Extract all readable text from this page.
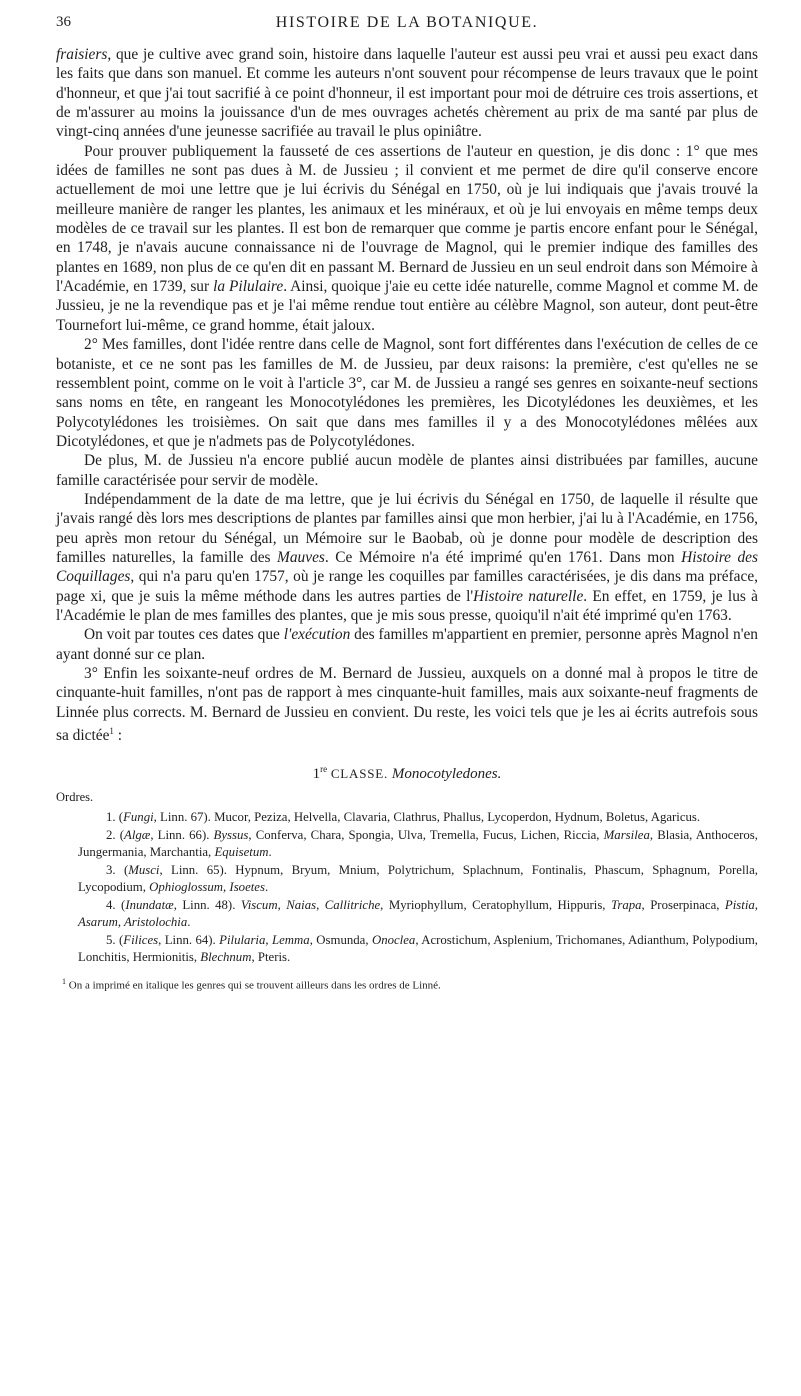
36	HISTOIRE DE LA BOTANIQUE.

fraisiers, que je cultive avec grand soin, histoire dans laquelle l'auteur est aussi peu vrai et aussi peu exact dans les faits que dans son manuel. Et comme les auteurs n'ont souvent pour récompense de leurs travaux que le point d'honneur, et que j'ai tout sacrifié à ce point d'honneur, il est important pour moi de détruire ces trois assertions, et de m'assurer au moins la jouissance d'un de mes ouvrages achetés chèrement au prix de ma santé par plus de vingt-cinq années d'une jeunesse sacrifiée au travail le plus opiniâtre.

Pour prouver publiquement la fausseté de ces assertions de l'auteur en question, je dis donc : 1° que mes idées de familles ne sont pas dues à M. de Jussieu ; il convient et me permet de dire qu'il conserve encore actuellement de moi une lettre que je lui écrivis du Sénégal en 1750, où je lui indiquais que j'avais trouvé la meilleure manière de ranger les plantes, les animaux et les minéraux, et où je lui envoyais en même temps deux modèles de ce travail sur les plantes. Il est bon de remarquer que comme je partis encore enfant pour le Sénégal, en 1748, je n'avais aucune connaissance ni de l'ouvrage de Magnol, qui le premier indique des familles des plantes en 1689, non plus de ce qu'en dit en passant M. Bernard de Jussieu en un seul endroit dans son Mémoire à l'Académie, en 1739, sur la Pilulaire. Ainsi, quoique j'aie eu cette idée naturelle, comme Magnol et comme M. de Jussieu, je ne la revendique pas et je l'ai même rendue tout entière au célèbre Magnol, son auteur, dont peut-être Tournefort lui-même, ce grand homme, était jaloux.

2° Mes familles, dont l'idée rentre dans celle de Magnol, sont fort différentes dans l'exécution de celles de ce botaniste, et ce ne sont pas les familles de M. de Jussieu, par deux raisons: la première, c'est qu'elles ne se ressemblent point, comme on le voit à l'article 3°, car M. de Jussieu a rangé ses genres en soixante-neuf sections sans noms en tête, en rangeant les Monocotylédones les premières, les Dicotylédones les deuxièmes, et les Polycotylédones les troisièmes. On sait que dans mes familles il y a des Monocotylédones mêlées aux Dicotylédones, et que je n'admets pas de Polycotylédones.

De plus, M. de Jussieu n'a encore publié aucun modèle de plantes ainsi distribuées par familles, aucune famille caractérisée pour servir de modèle.

Indépendamment de la date de ma lettre, que je lui écrivis du Sénégal en 1750, de laquelle il résulte que j'avais rangé dès lors mes descriptions de plantes par familles ainsi que mon herbier, j'ai lu à l'Académie, en 1756, peu après mon retour du Sénégal, un Mémoire sur le Baobab, où je donne pour modèle de description des familles naturelles, la famille des Mauves. Ce Mémoire n'a été imprimé qu'en 1761. Dans mon Histoire des Coquillages, qui n'a paru qu'en 1757, où je range les coquilles par familles caractérisées, je dis dans ma préface, page xi, que je suis la même méthode dans les autres parties de l'Histoire naturelle. En effet, en 1759, je lus à l'Académie le plan de mes familles des plantes, que je mis sous presse, quoiqu'il n'ait été imprimé qu'en 1763.

On voit par toutes ces dates que l'exécution des familles m'appartient en premier, personne après Magnol n'en ayant donné sur ce plan.

3° Enfin les soixante-neuf ordres de M. Bernard de Jussieu, auxquels on a donné mal à propos le titre de cinquante-huit familles, n'ont pas de rapport à mes cinquante-huit familles, mais aux soixante-neuf fragments de Linnée plus corrects. M. Bernard de Jussieu en convient. Du reste, les voici tels que je les ai écrits autrefois sous sa dictée$^1$ :

1re CLASSE. Monocotyledones.
Ordres.

1. (Fungi, Linn. 67). Mucor, Peziza, Helvella, Clavaria, Clathrus, Phallus, Lycoperdon, Hydnum, Boletus, Agaricus.

2. (Algæ, Linn. 66). Byssus, Conferva, Chara, Spongia, Ulva, Tremella, Fucus, Lichen, Riccia, Marsilea, Blasia, Anthoceros, Jungermania, Marchantia, Equisetum.

3. (Musci, Linn. 65). Hypnum, Bryum, Mnium, Polytrichum, Splachnum, Fontinalis, Phascum, Sphagnum, Porella, Lycopodium, Ophioglossum, Isoetes.

4. (Inundatæ, Linn. 48). Viscum, Naias, Callitriche, Myriophyllum, Ceratophyllum, Hippuris, Trapa, Proserpinaca, Pistia, Asarum, Aristolochia.

5. (Filices, Linn. 64). Pilularia, Lemma, Osmunda, Onoclea, Acrostichum, Asplenium, Trichomanes, Adianthum, Polypodium, Lonchitis, Hermionitis, Blechnum, Pteris.

$^1$ On a imprimé en italique les genres qui se trouvent ailleurs dans les ordres de Linné.
